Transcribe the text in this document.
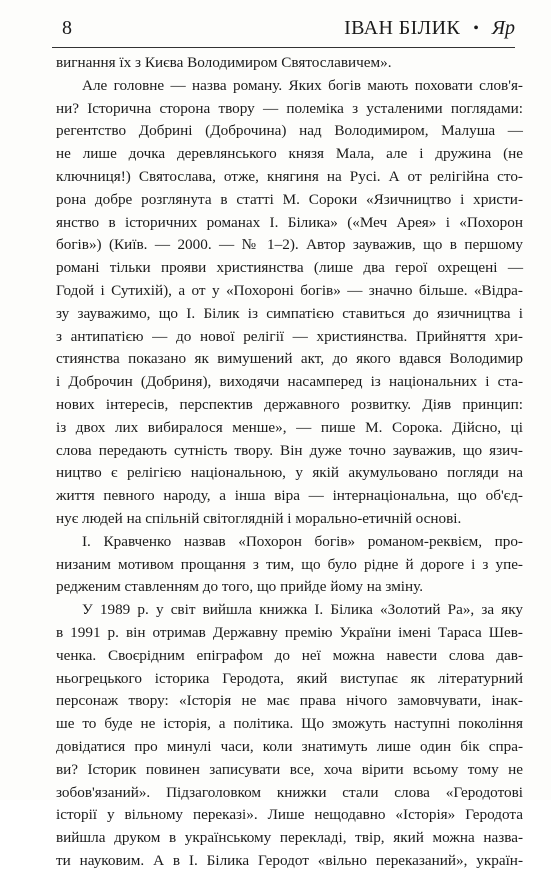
8	ІВАН БІЛИК • Яр
вигнання їх з Києва Володимиром Святославичем».
Але головне — назва роману. Яких богів мають поховати слов'я-
ни? Історична сторона твору — полеміка з усталеними поглядами:
регентство Добрині (Доброчина) над Володимиром, Малуша —
не лише дочка деревлянського князя Мала, але і дружина (не
ключниця!) Святослава, отже, княгиня на Русі. А от релігійна сто-
рона добре розглянута в статті М. Сороки «Язичництво і христи-
янство в історичних романах І. Білика» («Меч Арея» і «Похорон
богів») (Київ. — 2000. — № 1–2). Автор зауважив, що в першому
романі тільки прояви християнства (лише два герої охрещені —
Годой і Сутихій), а от у «Похороні богів» — значно більше. «Відра-
зу зауважимо, що І. Білик із симпатією ставиться до язичництва і
з антипатією — до нової релігії — християнства. Прийняття хри-
стиянства показано як вимушений акт, до якого вдався Володимир
і Доброчин (Добриня), виходячи насамперед із національних і ста-
нових інтересів, перспектив державного розвитку. Діяв принцип:
із двох лих вибиралося менше», — пише М. Сорока. Дійсно, ці
слова передають сутність твору. Він дуже точно зауважив, що язич-
ництво є релігією національною, у якій акумульовано погляди на
життя певного народу, а інша віра — інтернаціональна, що об'єд-
нує людей на спільній світоглядній і морально-етичній основі.
І. Кравченко назвав «Похорон богів» романом-реквієм, про-
низаним мотивом прощання з тим, що було рідне й дороге і з упе-
редженим ставленням до того, що прийде йому на зміну.
У 1989 р. у світ вийшла книжка І. Білика «Золотий Ра», за яку
в 1991 р. він отримав Державну премію України імені Тараса Шев-
ченка. Своєрідним епіграфом до неї можна навести слова дав-
ньогрецького історика Геродота, який виступає як літературний
персонаж твору: «Історія не має права нічого замовчувати, інак-
ше то буде не історія, а політика. Що зможуть наступні покоління
довідатися про минулі часи, коли знатимуть лише один бік спра-
ви? Історик повинен записувати все, хоча вірити всьому тому не
зобов'язаний». Підзаголовком книжки стали слова «Геродотові
історії у вільному переказі». Лише нещодавно «Історія» Геродота
вийшла друком в українському перекладі, твір, який можна назва-
ти науковим. А в І. Білика Геродот «вільно переказаний», україн-
